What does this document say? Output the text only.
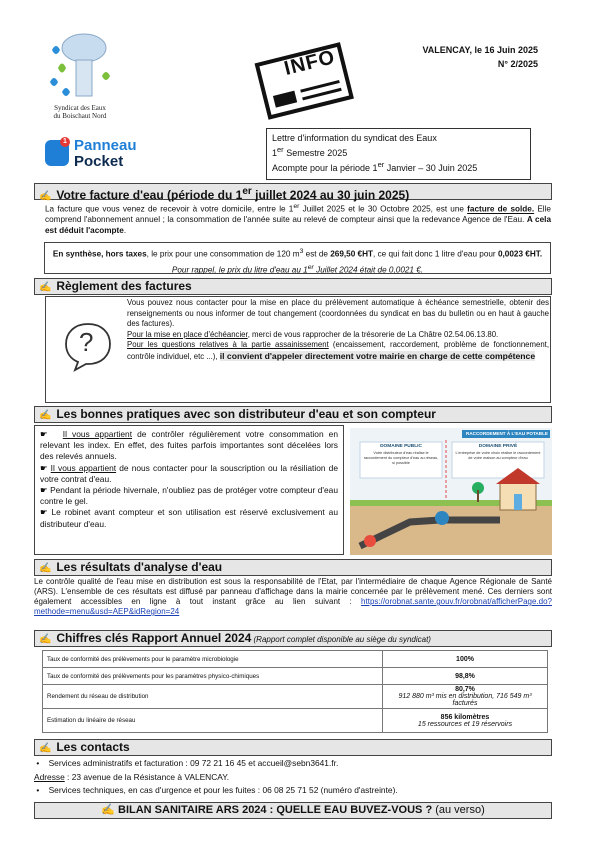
Syndicat des Eaux
du Boischaut Nord
1 Panneau
Pocket
INFO	VALENCAY, le 16 Juin 2025
N° 2/2025
Lettre d'information du syndicat des Eaux
1er Semestre 2025
Acompte pour la période 1er Janvier – 30 Juin 2025
✍ Votre facture d'eau (période du 1er juillet 2024 au 30 juin 2025)
La facture que vous venez de recevoir à votre domicile, entre le 1er Juillet 2025 et le 30 Octobre 2025, est une facture de solde. Elle comprend l'abonnement annuel ; la consommation de l'année suite au relevé de compteur ainsi que la redevance Agence de l'Eau. A cela est déduit l'acompte.
En synthèse, hors taxes, le prix pour une consommation de 120 $m^3$ est de 269,50 €HT, ce qui fait donc 1 litre d'eau pour 0,0023 €HT. Pour rappel, le prix du litre d'eau au 1er Juillet 2024 était de 0,0021 €.
✍ Règlement des factures
?

Vous pouvez nous contacter pour la mise en place du prélèvement automatique à échéance semestrielle, obtenir des renseignements ou nous informer de tout changement (coordonnées du syndicat en bas du bulletin ou en haut à gauche des factures).

Pour la mise en place d'échéancier, merci de vous rapprocher de la trésorerie de La Châtre 02.54.06.13.80.

Pour les questions relatives à la partie assainissement (encaissement, raccordement, problème de fonctionnement, contrôle individuel, etc ...), il convient d'appeler directement votre mairie en charge de cette compétence

✍ Les bonnes pratiques avec son distributeur d'eau et son compteur

☛ Il vous appartient de contrôler régulièrement votre consommation en relevant les index. En effet, des fuites parfois importantes sont décelées lors des relevés annuels.

☛ Il vous appartient de nous contacter pour la souscription ou la résiliation de votre contrat d'eau.

☛ Pendant la période hivernale, n'oubliez pas de protéger votre compteur d'eau contre le gel.

☛ Le robinet avant compteur et son utilisation est réservé exclusivement au distributeur d'eau.

RACCORDEMENT À L'EAU POTABLE
DOMAINE PUBLIC
Votre distributeur d'eau réalise le raccordement du compteur d'eau au réseau, si possible
DOMAINE PRIVÉ
L'entreprise de votre choix réalise le raccordement de votre maison au compteur d'eau
✍ Les résultats d'analyse d'eau
Le contrôle qualité de l'eau mise en distribution est sous la responsabilité de l'Etat, par l'intermédiaire de chaque Agence Régionale de Santé (ARS). L'ensemble de ces résultats est diffusé par panneau d'affichage dans la mairie concernée par le prélèvement mené. Ces derniers sont également accessibles en ligne à tout instant grâce au lien suivant : https://orobnat.sante.gouv.fr/orobnat/afficherPage.do?methode=menu&usd=AEP&idRegion=24
✍ Chiffres clés Rapport Annuel 2024 (Rapport complet disponible au siège du syndicat)
Taux de conformité des prélèvements pour le paramètre microbiologie	100%
Taux de conformité des prélèvements pour les paramètres physico-chimiques	98,8%
Rendement du réseau de distribution	80,7%
912 880 m³ mis en distribution, 716 549 m³ facturés
Estimation du linéaire de réseau	856 kilomètres
15 ressources et 19 réservoirs
✍ Les contacts
• Services administratifs et facturation : 09 72 21 16 45 et accueil@sebn3641.fr.
Adresse : 23 avenue de la Résistance à VALENCAY.
• Services techniques, en cas d'urgence et pour les fuites : 06 08 25 71 52 (numéro d'astreinte).
✍ BILAN SANITAIRE ARS 2024 : QUELLE EAU BUVEZ-VOUS ? (au verso)
